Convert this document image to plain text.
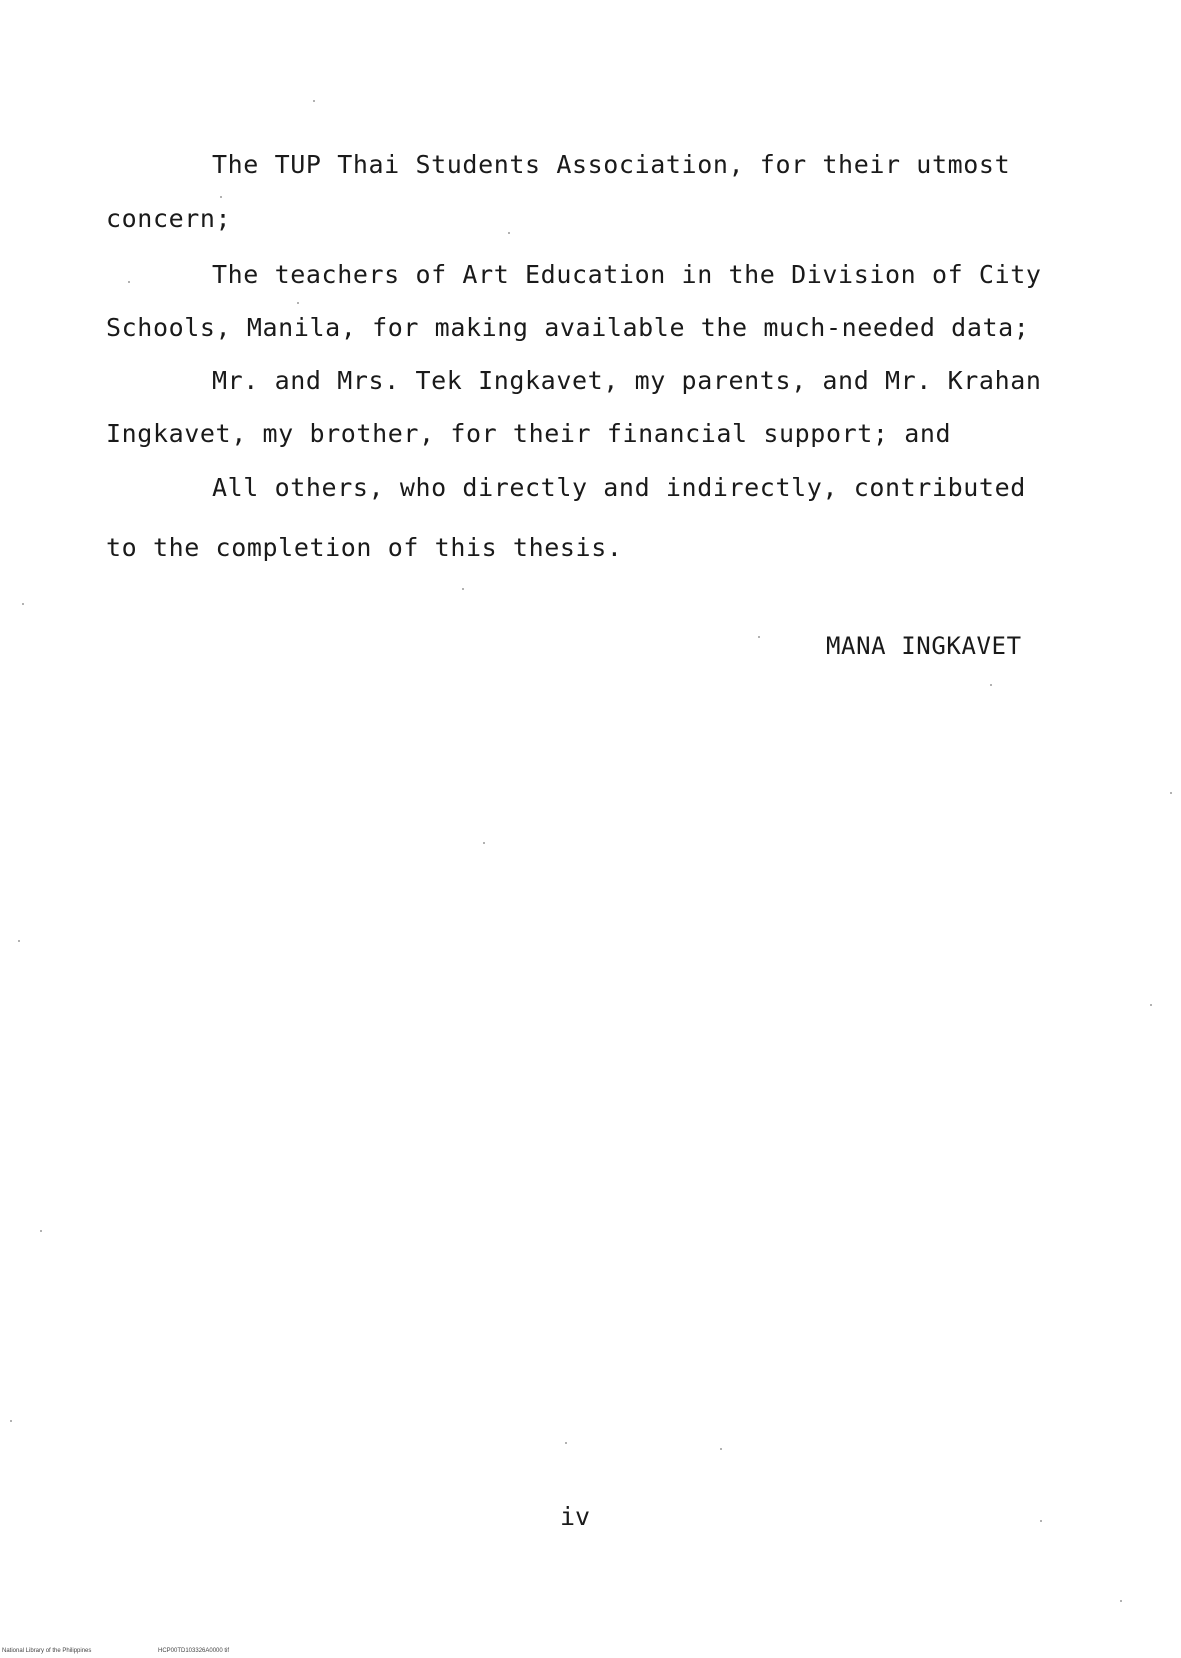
The TUP Thai Students Association, for their utmost
concern;
The teachers of Art Education in the Division of City
Schools, Manila, for making available the much-needed data;
Mr. and Mrs. Tek Ingkavet, my parents, and Mr. Krahan
Ingkavet, my brother, for their financial support; and
All others, who directly and indirectly, contributed
to the completion of this thesis.
MANA INGKAVET
iv
National Library of the Philippines	HCP00TD103326A0000 tif
